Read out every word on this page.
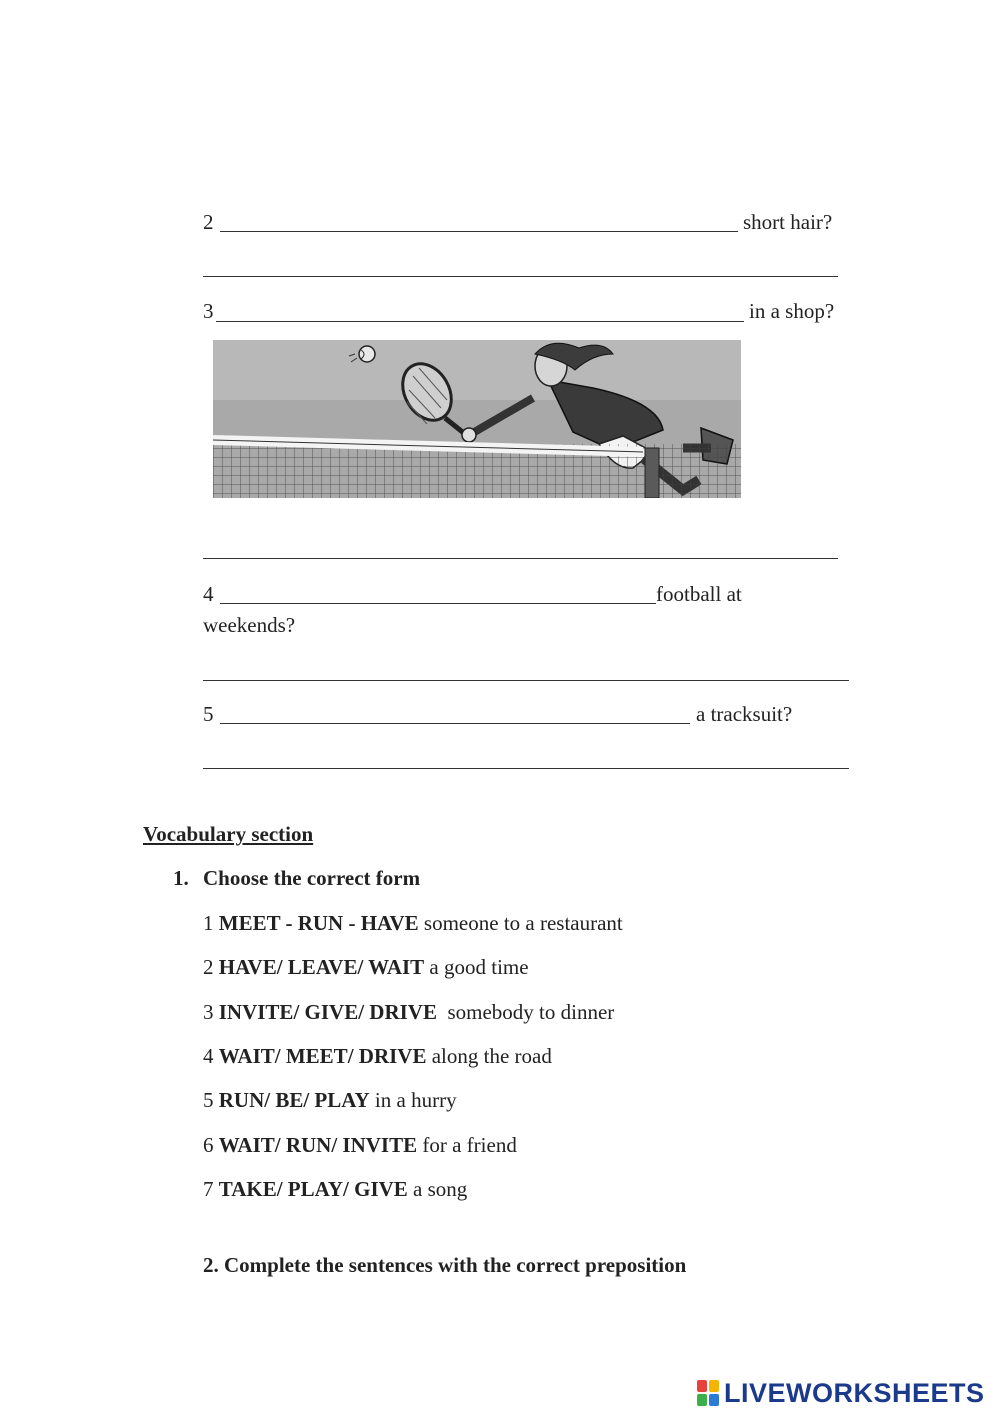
2	short hair?
3	in a shop?
4	football at
weekends?
5	a tracksuit?
Vocabulary section
1. Choose the correct form
1 MEET - RUN - HAVE someone to a restaurant
2 HAVE/ LEAVE/ WAIT a good time
3 INVITE/ GIVE/ DRIVE  somebody to dinner
4 WAIT/ MEET/ DRIVE along the road
5 RUN/ BE/ PLAY in a hurry
6 WAIT/ RUN/ INVITE for a friend
7 TAKE/ PLAY/ GIVE a song
2. Complete the sentences with the correct preposition
LIVEWORKSHEETS
